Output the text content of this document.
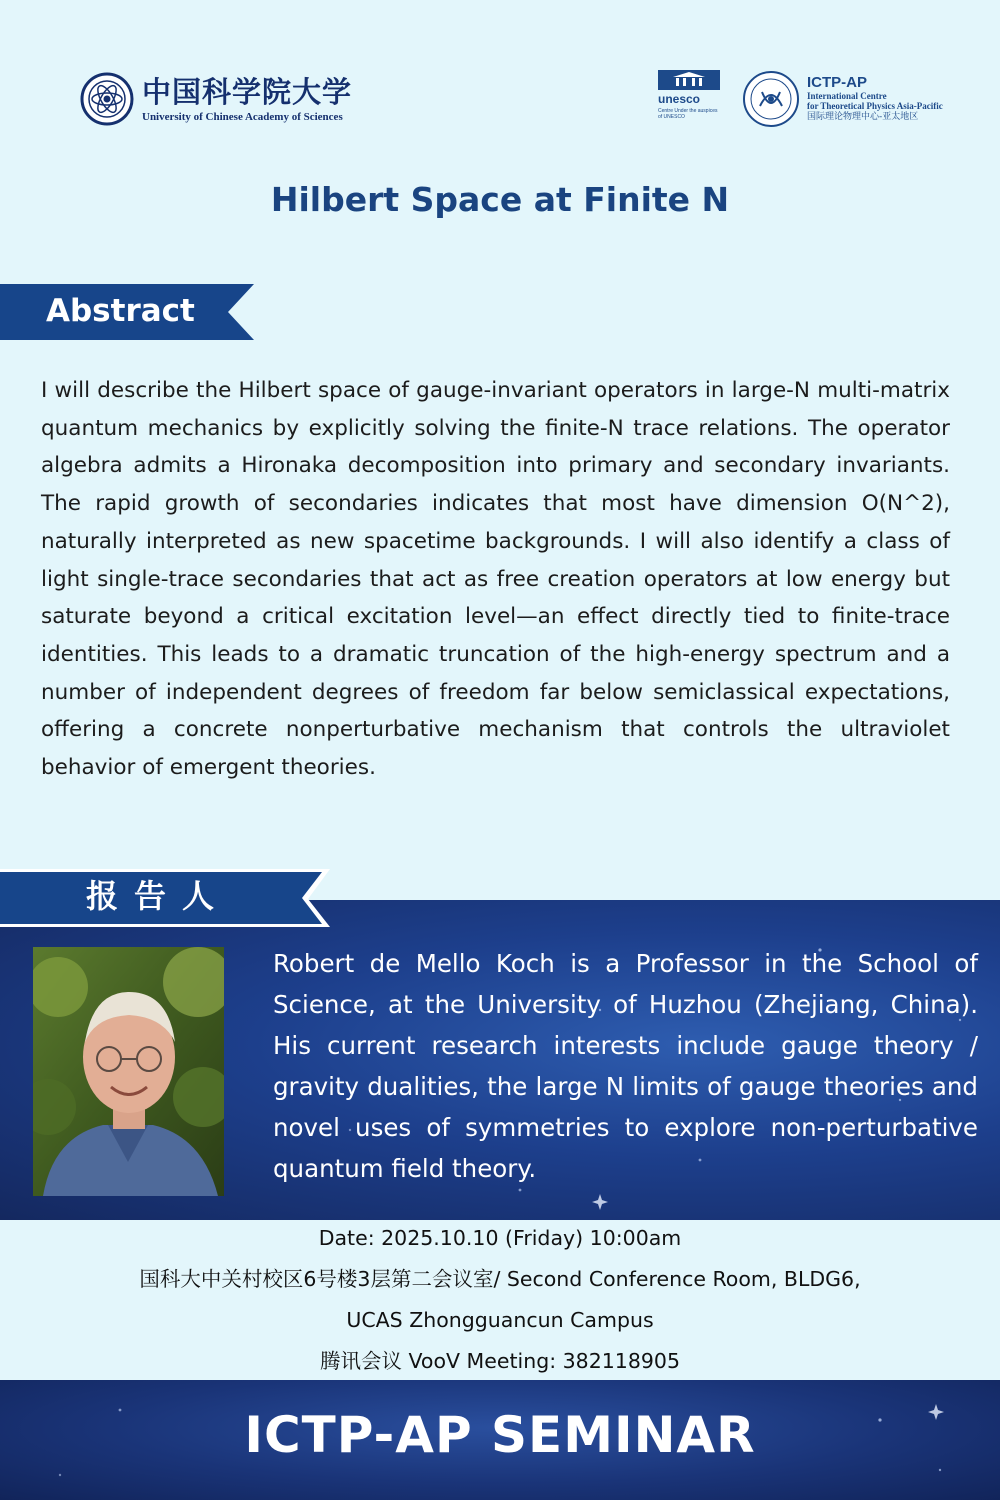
中国科学院大学
University of Chinese Academy of Sciences
unesco
Centre Under the auspices of UNESCO
ICTP-AP
International Centre
for Theoretical Physics Asia-Pacific
国际理论物理中心-亚太地区
Hilbert Space at Finite N
Abstract
I will describe the Hilbert space of gauge-invariant operators in large-N multi-matrix quantum mechanics by explicitly solving the finite-N trace relations. The operator algebra admits a Hironaka decomposition into primary and secondary invariants. The rapid growth of secondaries indicates that most have dimension O(N^2), naturally interpreted as new spacetime backgrounds. I will also identify a class of light single-trace secondaries that act as free creation operators at low energy but saturate beyond a critical excitation level—an effect directly tied to finite-trace identities. This leads to a dramatic truncation of the high-energy spectrum and a number of independent degrees of freedom far below semiclassical expectations, offering a concrete nonperturbative mechanism that controls the ultraviolet behavior of emergent theories.
报告人
Robert de Mello Koch is a Professor in the School of Science, at the University of Huzhou (Zhejiang, China). His current research interests include gauge theory / gravity dualities, the large N limits of gauge theories and novel uses of symmetries to explore non-perturbative quantum field theory.
Date: 2025.10.10 (Friday) 10:00am
国科大中关村校区6号楼3层第二会议室/ Second Conference Room, BLDG6,
UCAS Zhongguancun Campus
腾讯会议 VooV Meeting: 382118905
ICTP-AP SEMINAR
